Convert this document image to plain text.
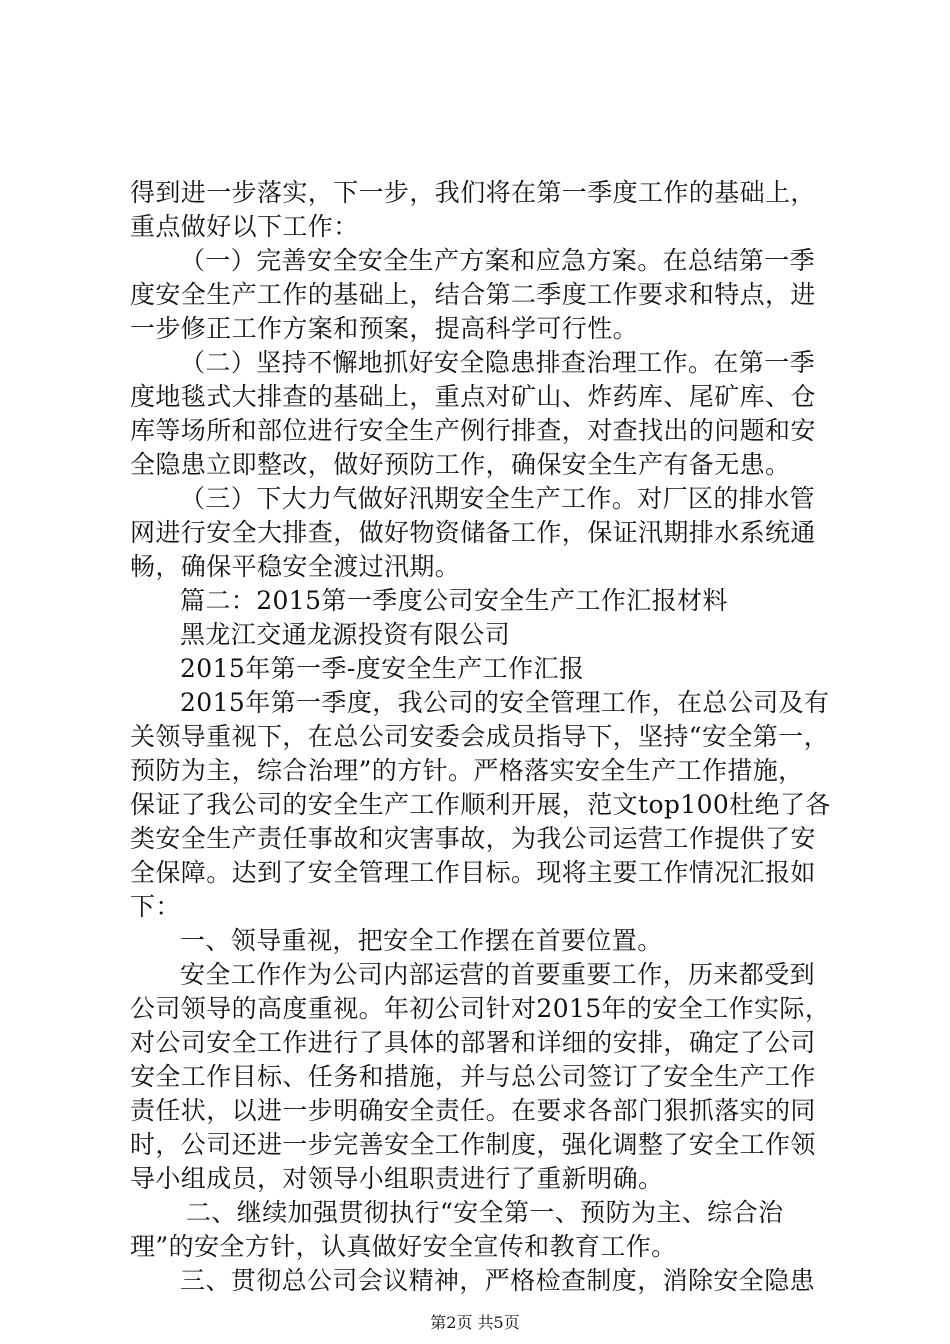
得到进一步落实，下一步，我们将在第一季度工作的基础上，
重点做好以下工作：
（一）完善安全安全生产方案和应急方案。在总结第一季
度安全生产工作的基础上，结合第二季度工作要求和特点，进
一步修正工作方案和预案，提高科学可行性。
（二）坚持不懈地抓好安全隐患排查治理工作。在第一季
度地毯式大排查的基础上，重点对矿山、炸药库、尾矿库、仓
库等场所和部位进行安全生产例行排查，对查找出的问题和安
全隐患立即整改，做好预防工作，确保安全生产有备无患。
（三）下大力气做好汛期安全生产工作。对厂区的排水管
网进行安全大排查，做好物资储备工作，保证汛期排水系统通
畅，确保平稳安全渡过汛期。
篇二：2015第一季度公司安全生产工作汇报材料
黑龙江交通龙源投资有限公司
2015年第一季-度安全生产工作汇报
2015年第一季度，我公司的安全管理工作，在总公司及有
关领导重视下，在总公司安委会成员指导下，坚持“安全第一，
预防为主，综合治理”的方针。严格落实安全生产工作措施，
保证了我公司的安全生产工作顺利开展，范文top100杜绝了各
类安全生产责任事故和灾害事故，为我公司运营工作提供了安
全保障。达到了安全管理工作目标。现将主要工作情况汇报如
下：
一、领导重视，把安全工作摆在首要位置。
安全工作作为公司内部运营的首要重要工作，历来都受到
公司领导的高度重视。年初公司针对2015年的安全工作实际，
对公司安全工作进行了具体的部署和详细的安排，确定了公司
安全工作目标、任务和措施，并与总公司签订了安全生产工作
责任状，以进一步明确安全责任。在要求各部门狠抓落实的同
时，公司还进一步完善安全工作制度，强化调整了安全工作领
导小组成员，对领导小组职责进行了重新明确。
二、继续加强贯彻执行“安全第一、预防为主、综合治
理”的安全方针，认真做好安全宣传和教育工作。
三、贯彻总公司会议精神，严格检查制度，消除安全隐患
第2页 共5页
